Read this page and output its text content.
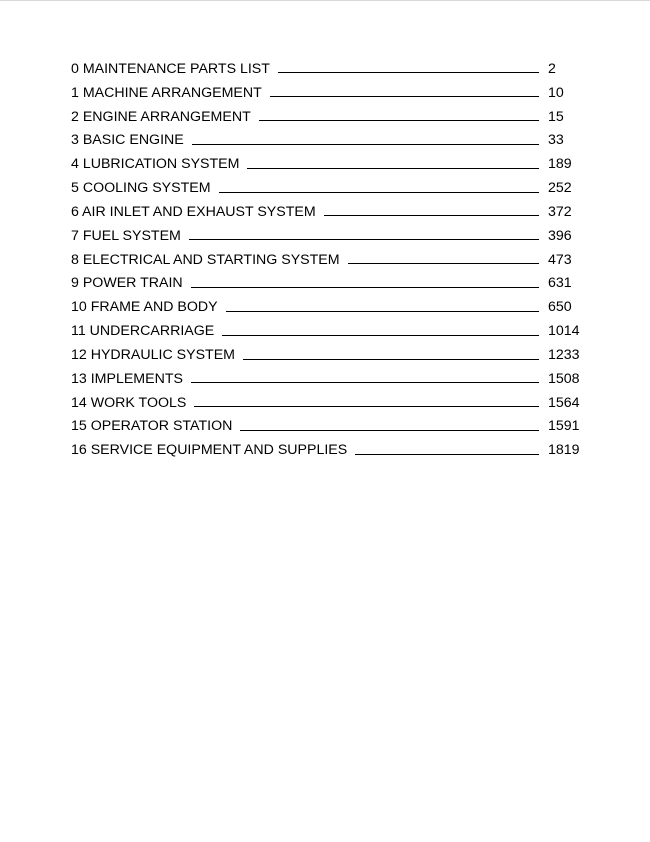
0 MAINTENANCE PARTS LIST	2
1 MACHINE ARRANGEMENT	10
2 ENGINE ARRANGEMENT	15
3 BASIC ENGINE	33
4 LUBRICATION SYSTEM	189
5 COOLING SYSTEM	252
6 AIR INLET AND EXHAUST SYSTEM	372
7 FUEL SYSTEM	396
8 ELECTRICAL AND STARTING SYSTEM	473
9 POWER TRAIN	631
10 FRAME AND BODY	650
11 UNDERCARRIAGE	1014
12 HYDRAULIC SYSTEM	1233
13 IMPLEMENTS	1508
14 WORK TOOLS	1564
15 OPERATOR STATION	1591
16 SERVICE EQUIPMENT AND SUPPLIES	1819
